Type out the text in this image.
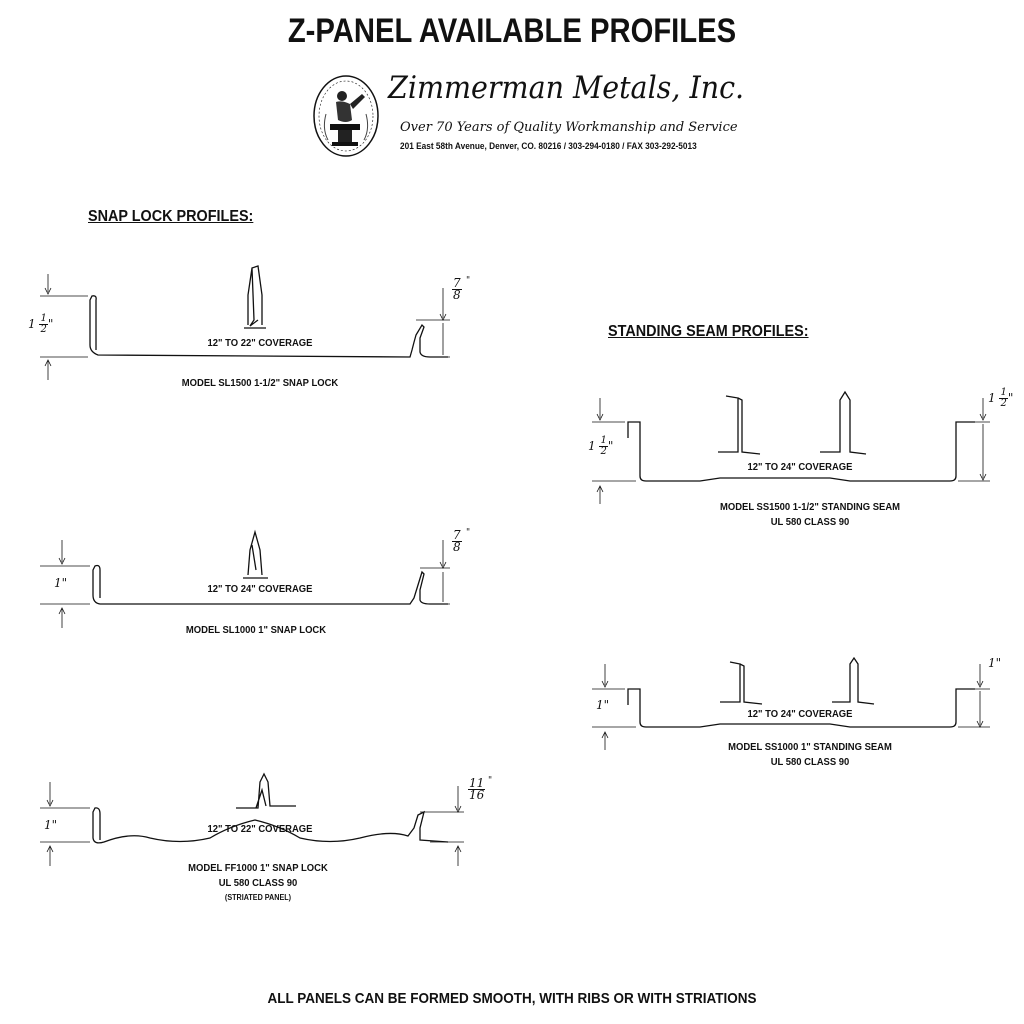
Z-PANEL AVAILABLE PROFILES
Zimmerman Metals, Inc.
Over 70 Years of Quality Workmanship and Service
201 East 58th Avenue, Denver, CO. 80216 / 303-294-0180 / FAX 303-292-5013
SNAP LOCK PROFILES:
STANDING SEAM PROFILES:
$1 \frac{1}{2}$ "
$\frac{7}{8}$ "
12" TO 22" COVERAGE
MODEL SL1500 1-1/2" SNAP LOCK
1"
$\frac{7}{8}$ "
12" TO 24" COVERAGE
MODEL SL1000 1" SNAP LOCK
1"
$\frac{11}{16}$ "
12" TO 22" COVERAGE
MODEL FF1000 1" SNAP LOCK
UL 580 CLASS 90
(STRIATED PANEL)
$1 \frac{1}{2}$ "
$1 \frac{1}{2}$ "
12" TO 24" COVERAGE
MODEL SS1500 1-1/2" STANDING SEAM
UL 580 CLASS 90
1"
1"
12" TO 24" COVERAGE
MODEL SS1000 1" STANDING SEAM
UL 580 CLASS 90
ALL PANELS CAN BE FORMED SMOOTH, WITH RIBS OR WITH STRIATIONS
